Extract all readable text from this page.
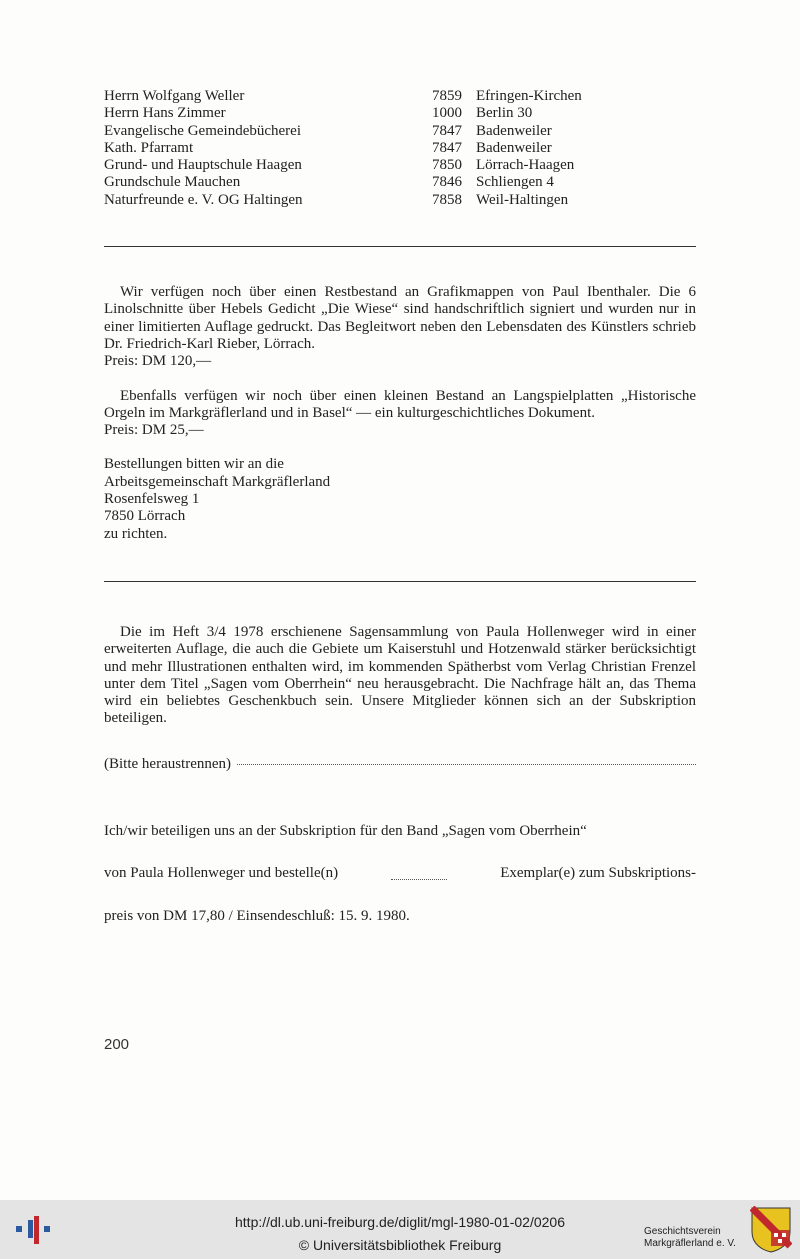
Herrn Wolfgang Weller	7859 Efringen-Kirchen
Herrn Hans Zimmer	1000 Berlin 30
Evangelische Gemeindebücherei	7847 Badenweiler
Kath. Pfarramt	7847 Badenweiler
Grund- und Hauptschule Haagen	7850 Lörrach-Haagen
Grundschule Mauchen	7846 Schliengen 4
Naturfreunde e. V. OG Haltingen	7858 Weil-Haltingen

Wir verfügen noch über einen Restbestand an Grafikmappen von Paul Ibenthaler. Die 6 Linolschnitte über Hebels Gedicht „Die Wiese“ sind handschriftlich signiert und wurden nur in einer limitierten Auflage gedruckt. Das Begleitwort neben den Lebensdaten des Künstlers schrieb Dr. Friedrich-Karl Rieber, Lörrach.

Preis: DM 120,—

Ebenfalls verfügen wir noch über einen kleinen Bestand an Langspielplatten „Historische Orgeln im Markgräflerland und in Basel“ — ein kulturgeschichtliches Dokument.

Preis: DM 25,—

Bestellungen bitten wir an die
Arbeitsgemeinschaft Markgräflerland
Rosenfelsweg 1
7850 Lörrach
zu richten.

Die im Heft 3/4 1978 erschienene Sagensammlung von Paula Hollenweger wird in einer erweiterten Auflage, die auch die Gebiete um Kaiserstuhl und Hotzenwald stärker berücksichtigt und mehr Illustrationen enthalten wird, im kommenden Spätherbst vom Verlag Christian Frenzel unter dem Titel „Sagen vom Oberrhein“ neu herausgebracht. Die Nachfrage hält an, das Thema wird ein beliebtes Geschenkbuch sein. Unsere Mitglieder können sich an der Subskription beteiligen.

(Bitte heraustrennen)
Ich/wir beteiligen uns an der Subskription für den Band „Sagen vom Oberrhein“
von Paula Hollenweger und bestelle(n)	Exemplar(e) zum Subskriptions-
preis von DM 17,80 / Einsendeschluß: 15. 9. 1980.
200
http://dl.ub.uni-freiburg.de/diglit/mgl-1980-01-02/0206
© Universitätsbibliothek Freiburg
Geschichtsverein
Markgräflerland e. V.
